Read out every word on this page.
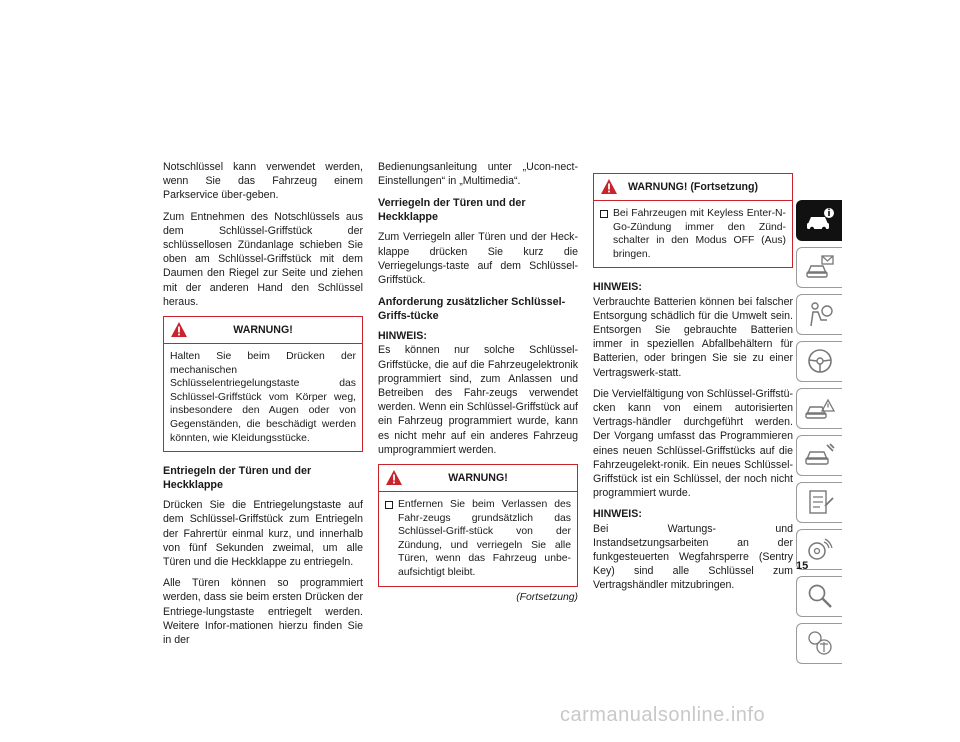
Notschlüssel kann verwendet werden, wenn Sie das Fahrzeug einem Parkservice über-geben.

Zum Entnehmen des Notschlüssels aus dem Schlüssel-Griffstück der schlüssellosen Zündanlage schieben Sie oben am Schlüssel-Griffstück mit dem Daumen den Riegel zur Seite und ziehen mit der anderen Hand den Schlüssel heraus.

WARNUNG!
Halten Sie beim Drücken der mechanischen Schlüsselentriegelungstaste das Schlüssel-Griffstück vom Körper weg, insbesondere den Augen oder von Gegenständen, die beschädigt werden könnten, wie Kleidungsstücke.
Entriegeln der Türen und der Heckklappe

Drücken Sie die Entriegelungstaste auf dem Schlüssel-Griffstück zum Entriegeln der Fahrertür einmal kurz, und innerhalb von fünf Sekunden zweimal, um alle Türen und die Heckklappe zu entriegeln.

Alle Türen können so programmiert werden, dass sie beim ersten Drücken der Entriege-lungstaste entriegelt werden. Weitere Infor-mationen hierzu finden Sie in der

Bedienungsanleitung unter „Ucon-nect-Einstellungen“ in „Multimedia“.

Verriegeln der Türen und der Heckklappe

Zum Verriegeln aller Türen und der Heck-klappe drücken Sie kurz die Verriegelungs-taste auf dem Schlüssel-Griffstück.

Anforderung zusätzlicher Schlüssel-Griffs-tücke

HINWEIS:
Es können nur solche Schlüssel-Griffstücke, die auf die Fahrzeugelektronik programmiert sind, zum Anlassen und Betreiben des Fahr-zeugs verwendet werden. Wenn ein Schlüssel-Griffstück auf ein Fahrzeug programmiert wurde, kann es nicht mehr auf ein anderes Fahrzeug umprogrammiert werden.

WARNUNG!
Entfernen Sie beim Verlassen des Fahr-zeugs grundsätzlich das Schlüssel-Griff-stück von der Zündung, und verriegeln Sie alle Türen, wenn das Fahrzeug unbe-aufsichtigt bleibt.
(Fortsetzung)
WARNUNG! (Fortsetzung)
Bei Fahrzeugen mit Keyless Enter-N-Go-Zündung immer den Zünd-schalter in den Modus OFF (Aus) bringen.

HINWEIS:
Verbrauchte Batterien können bei falscher Entsorgung schädlich für die Umwelt sein. Entsorgen Sie gebrauchte Batterien immer in speziellen Abfallbehältern für Batterien, oder bringen Sie sie zu einer Vertragswerk-statt.

Die Vervielfältigung von Schlüssel-Griffstü-cken kann von einem autorisierten Vertrags-händler durchgeführt werden. Der Vorgang umfasst das Programmieren eines neuen Schlüssel-Griffstücks auf die Fahrzeugelekt-ronik. Ein neues Schlüssel-Griffstück ist ein Schlüssel, der noch nicht programmiert wurde.

HINWEIS:
Bei Wartungs- und Instandsetzungsarbeiten an der funkgesteuerten Wegfahrsperre (Sentry Key) sind alle Schlüssel zum Vertragshändler mitzubringen.

15
carmanualsonline.info
